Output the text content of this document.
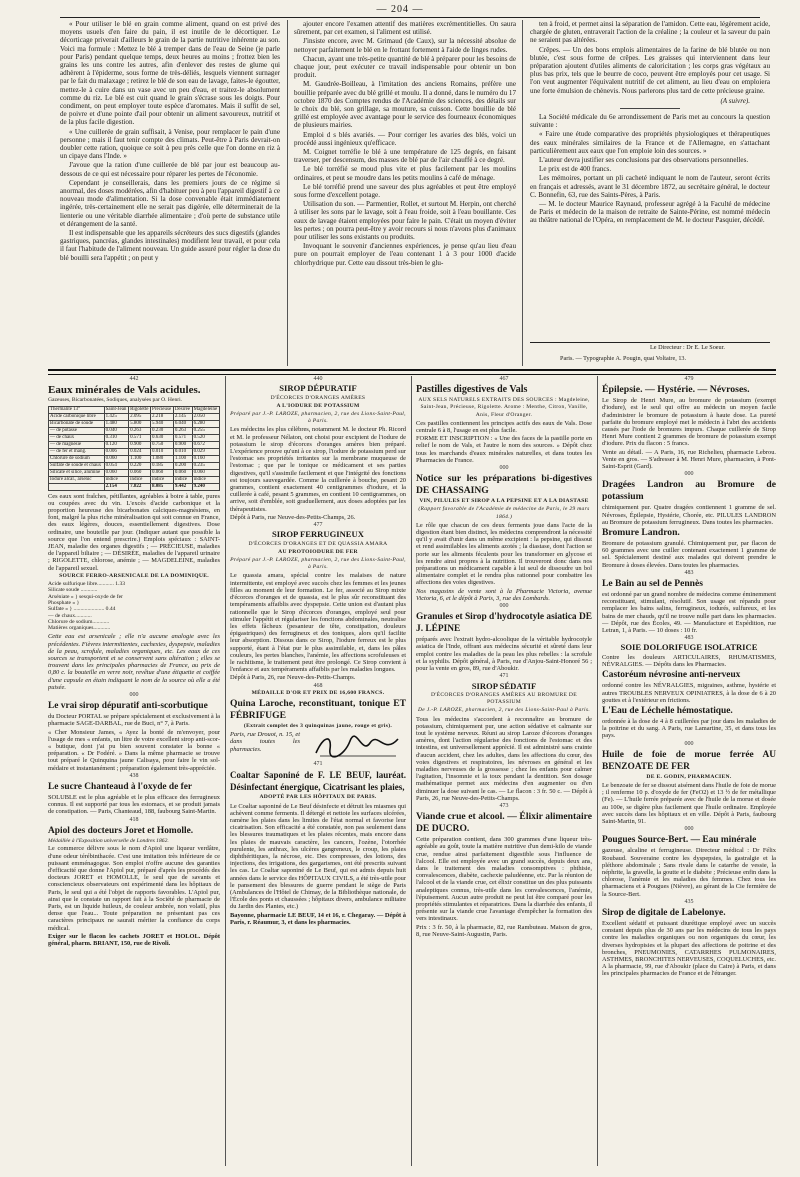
— 204 —

« Pour utiliser le blé en grain comme aliment, quand on est privé des moyens usuels d'en faire du pain, il est inutile de le décortiquer. Le décorticage priverait d'ailleurs le grain de la partie nutritive inhérente au son. Voici ma formule : Mettez le blé à tremper dans de l'eau de Seine (je parle pour Paris) pendant quelque temps, deux heures au moins ; frottez bien les grains les uns contre les autres, afin d'enlever des restes de glume qui adhèrent à l'épiderme, sous forme de très-déliés, lesquels viennent surnager par le fait du malaxage ; retirez le blé de son eau de lavage, faites-le égoutter, mettez-le à cuire dans un vase avec un peu d'eau, et traitez-le absolument comme du riz. Le blé est cuit quand le grain s'écrase sous les doigts. Pour condiment, on peut employer toute espèce d'aromates. Mais il suffit de sel, de poivre et d'une pointe d'ail pour obtenir un aliment savoureux, nutritif et de la plus facile digestion.

« Une cuillerée de grain suffisait, à Venise, pour remplacer le pain d'une personne ; mais il faut tenir compte des climats. Peut-être à Paris devrait-on doubler cette ration, quoique ce soit à peu près celle que l'on donne en riz à un cipaye dans l'Inde. »

J'avoue que la ration d'une cuillerée de blé par jour est beaucoup au-dessous de ce qui est nécessaire pour réparer les pertes de l'économie.

Cependant je conseillerais, dans les premiers jours de ce régime si anormal, des doses modérées, afin d'habituer peu à peu l'appareil digestif à ce nouveau mode d'alimentation. Si la dose convenable était immédiatement ingérée, très-certainement elle ne serait pas digérée, elle déterminerait de la lienterie ou une véritable diarrhée alimentaire ; d'où perte de substance utile et dérangement de la santé.

Il est indispensable que les appareils sécréteurs des sucs digestifs (glandes gastriques, pancréas, glandes intestinales) modifient leur travail, et pour cela il faut l'habitude de l'aliment nouveau. Un guide assuré pour régler la dose du blé bouilli sera l'appétit ; on peut y

ajouter encore l'examen attentif des matières excrémentitielles. On saura sûrement, par cet examen, si l'aliment est utilisé.

J'insiste encore, avec M. Grimaud (de Caux), sur la nécessité absolue de nettoyer parfaitement le blé en le frottant fortement à l'aide de linges rudes.

Chacun, ayant une très-petite quantité de blé à préparer pour les besoins de chaque jour, peut exécuter ce travail indispensable pour obtenir un bon produit.

M. Gaudrée-Boilleau, à l'imitation des anciens Romains, préfère une bouillie préparée avec du blé grillé et moulu. Il a donné, dans le numéro du 17 octobre 1870 des Comptes rendus de l'Académie des sciences, des détails sur le choix du blé, son grillage, sa mouture, sa cuisson. Cette bouillie de blé grillé est employée avec avantage pour le service des fourneaux économiques de plusieurs mairies.

Emploi d s blés avariés. — Pour corriger les avaries des blés, voici un procédé aussi ingénieux qu'efficace.

M. Coignet torréfie le blé à une température de 125 degrés, en faisant traverser, per descensum, des masses de blé par de l'air chauffé à ce degré.

Le blé torréfié se moud plus vite et plus facilement par les moulins ordinaires, et peut se moudre dans les petits moulins à café de ménage.

Le blé torréfié prend une saveur des plus agréables et peut être employé sous forme d'excellent potage.

Utilisation du son. — Parmentier, Rollet, et surtout M. Herpin, ont cherché à utiliser les sons par le lavage, soit à l'eau froide, soit à l'eau bouillante. Ces eaux de lavage étaient employées pour faire le pain. C'était un moyen d'éviter les pertes ; on pourra peut-être y avoir recours si nous n'avons plus d'animaux pour utiliser les sons existants ou produits.

Invoquant le souvenir d'anciennes expériences, je pense qu'au lieu d'eau pure on pourrait employer de l'eau contenant 1 à 3 pour 1000 d'acide chlorhydrique pur. Cette eau dissout très-bien le glu-

ten à froid, et permet ainsi la séparation de l'amidon. Cette eau, légèrement acide, chargée de gluten, entraverait l'action de la créaline ; la couleur et la saveur du pain ne seraient pas altérées.

Crêpes. — Un des bons emplois alimentaires de la farine de blé blutée ou non blutée, c'est sous forme de crêpes. Les graisses qui interviennent dans leur préparation ajoutent d'utiles aliments de caloricitation ; les corps gras végétaux au plus bas prix, tels que le beurre de coco, peuvent être employés pour cet usage. Si l'on veut augmenter l'équivalent nutritif de cet aliment, au lieu d'eau on emploiera une forte émulsion de chènevis. Nous parlerons plus tard de cette précieuse graine.

(A suivre).

La Société médicale du 6e arrondissement de Paris met au concours la question suivante :

« Faire une étude comparative des propriétés physiologiques et thérapeutiques des eaux minérales similaires de la France et de l'Allemagne, en s'attachant particulièrement aux eaux que l'on emploie loin des sources. »

L'auteur devra justifier ses conclusions par des observations personnelles.

Le prix est de 400 francs.

Les mémoires, portant un pli cacheté indiquant le nom de l'auteur, seront écrits en français et adressés, avant le 31 décembre 1872, au secrétaire général, le docteur C. Bonnefin, 63, rue des Saints-Pères, à Paris.

— M. le docteur Maurice Raynaud, professeur agrégé à la Faculté de médecine de Paris et médecin de la maison de retraite de Sainte-Périne, est nommé médecin au théâtre national de l'Opéra, en remplacement de M. le docteur Pasquier, décédé.

Le Directeur : Dr E. Le Soeur.
Paris. — Typographie A. Pougin, quai Voltaire, 13.
442
Eaux minérales de Vals acidules.

Gazeuses, Bicarbonatées, Sodiques, analysées par O. Henri.

Thermalité 13°	Saint-Jean	Rigolette	Précieuse	Désirée	Magdeleine
Acide carbonique libre	1.425	2.095	2.218	2.145	2.050
Bicarbonate de soude	1.480	5.800	5.940	6.040	6.280
— de potasse	0.040	0.263	0.230	0.263	0.255
— de chaux	0.310	0.571	0.630	0.571	0.520
— de magnésie	0.120	0.900	0.750	0.900	0.672
— de fer et mang.	0.006	0.024	0.010	0.010	0.029
Chlorure de sodium	0.060	1.100	1.080	1.100	0.160
Sulfate de soude et chaux	0.054	0.220	0.185	0.200	0.235
Silicate et silice, alumine	0.060	0.060	0.060	0.060	0.060
Iodure alcal., arsenic	indice	indice	indice	indice	indice
	2.154	7.822	8.085	9.442	9.240

Ces eaux sont fraîches, pétillantes, agréables à boire à table, pures ou coupées avec du vin. L'excès d'acide carbonique et la proportion heureuse des bicarbonates calciques-magnésiens, en font, malgré la plus riche minéralisation qui soit connue en France, des eaux légères, douces, essentiellement digestives. Dose ordinaire, une bouteille par jour. (Indiquer autant que possible la source que l'on entend prescrire.) Emplois spéciaux : SAINT-JEAN, maladie des organes digestifs ; — PRÉCIEUSE, maladies de l'appareil biliaire ; — DÉSIRÉE, maladies de l'appareil urinaire ; RIGOLETTE, chlorose, anémie ; — MAGDELEINE, maladies de l'appareil sexuel.

SOURCE FERRO-ARSENICALE DE LA DOMINIQUE.

Acide sulfurique libre............ 1.33
Silicate soude ............
Arséniate » } sesqui-oxyde de fer
Phosphate » }
Sulfate » } ...................... 0.44
— de chaux............
Chlorure de sodium............
Matières organiques............

Cette eau est arsenicale ; elle n'a aucune analogie avec les précédentes. Fièvres intermittentes, cachexies, dyspepsie, maladies de la peau, scrofule, maladies organiques, etc. Les eaux de ces sources se transportent et se conservent sans altération ; elles se trouvent dans les principales pharmacies de France, au prix de 0,80 c. la bouteille en verre noir, revêtue d'une étiquette et coiffée d'une capsule en étain indiquant le nom de la source où elle a été puisée.

000
Le vrai sirop dépuratif anti-scorbutique

du Docteur PORTAL se prépare spécialement et exclusivement à la pharmacie SAGE-DARBAL, rue de Buci, n° 7, à Paris.

« Cher Monsieur James, « Ayez la bonté de m'envoyer, pour l'usage de mes « enfants, un litre de votre excellent sirop anti-scor- « butique, dont j'ai pu bien souvent constater la bonne « préparation. « Dr Fodéré. » Dans la même pharmacie se trouve tout préparé le Quinquina jaune Calisaya, pour faire le vin sol-médaire et instantanément ; préparation également très-appréciée.

438
Le sucre Chanteaud à l'oxyde de fer

SOLUBLE est le plus agréable et le plus efficace des ferrugineux connus. Il est supporté par tous les estomacs, et se produit jamais de constipation. — Paris, Chanteaud, 188, faubourg Saint-Martin.

418
Apiol des docteurs Joret et Homolle.

Médaillée à l'Exposition universelle de Londres 1862.

Le commerce délivre sous le nom d'Apiol une liqueur verdâtre, d'une odeur térébinthacée. C'est une imitation très inférieure de ce puissant emménagogue. Son emploi n'offre aucune des garanties d'efficacité que donne l'Apiol pur, préparé d'après les procédés des docteurs JORET et HOMOLLE, le seul que de savants et consciencieux observateurs ont expérimenté dans les hôpitaux de Paris, le seul qui a été l'objet de rapports favorables. L'Apiol pur, ainsi que le constate un rapport fait à la Société de pharmacie de Paris, est un liquide huileux, de couleur ambrée, non volatil, plus dense que l'eau... Toute préparation ne présentant pas ces caractères principaux ne saurait mériter la confiance du corps médical.

Exiger sur le flacon les cachets JORET et HOLOL. Dépôt général, pharm. BRIANT, 150, rue de Rivoli.

440
SIROP DÉPURATIF
D'ÉCORCES D'ORANGES AMÈRES
A L'IODURE DE POTASSIUM

Préparé par J.-P. LAROZE, pharmacien, 2, rue des Lions-Saint-Paul, à Paris.

Les médecins les plus célèbres, notamment M. le docteur Ph. Ricord et M. le professeur Nélaton, ont choisi pour excipient de l'iodure de potassium le sirop d'écorces d'oranges amères bien préparé. L'expérience prouve qu'uni à ce sirop, l'iodure de potassium perd sur l'estomac ses propriétés irritantes sur la membrane muqueuse de l'estomac ; que par le tonique ce médicament et ses parties digestives, qu'il s'assimile facilement et que l'intégrité des fonctions est toujours sauvegardée. Comme la cuillerée à bouche, pesant 20 grammes, contient exactement 40 centigrammes d'iodure, et la cuillerée à café, pesant 5 grammes, en contient 10 centigrammes, on arrive, soit d'emblée, soit graduellement, aux doses adoptées par les thérapeutistes.

Dépôt à Paris, rue Neuve-des-Petits-Champs, 26.

477
SIROP FERRUGINEUX
D'ÉCORCES D'ORANGES ET DE QUASSIA AMARA
AU PROTOIODURE DE FER

Préparé par J.-P. LAROZE, pharmacien, 2, rue des Lions-Saint-Paul, à Paris.

Le quassia amara, spécial contre les malaises de nature intermittente, est employé avec succès chez les femmes et les jeunes filles au moment de leur formation. Le fer, associé au Sirop mixte d'écorces d'oranges et de quassia, est le plus sûr reconstituant des tempéraments affaiblis avec dyspepsie. Cette union est d'autant plus rationnelle que le Sirop d'écorces d'oranges, employé seul pour stimuler l'appétit et régulariser les fonctions abdominales, neutralise les effets fâcheux (pesanteur de tête, constipation, douleurs épigastriques) des ferrugineux et des toniques, alors qu'il facilite leur absorption. Dissous dans ce Sirop, l'iodure ferreux est le plus supporté, étant à l'état pur le plus assimilable, et, dans les pâles couleurs, les pertes blanches, l'anémie, les affections scrofuleuses et le rachitisme, le traitement peut être prolongé. Ce Sirop convient à l'enfance et aux tempéraments affaiblis par les maladies longues.

Dépôt à Paris, 26, rue Neuve-des-Petits-Champs.

468
MÉDAILLE D'OR ET PRIX DE 16,600 FRANCS.
Quina Laroche, reconstituant, tonique ET FÉBRIFUGE

(Extrait complet des 3 quinquinas jaune, rouge et gris).

Paris, rue Drouot, n. 15, et dans toutes les pharmacies.

471
Coaltar Saponiné de F. LE BEUF, lauréat. Désinfectant énergique, Cicatrisant les plaies,
ADOPTÉ PAR LES HÔPITAUX DE PARIS.

Le Coaltar saponiné de Le Beuf désinfecte et détruit les miasmes qui achèvent comme ferments. Il détergé et nettoie les surfaces ulcérées, ramène les plaies dans les limites de l'état normal et favorise leur cicatrisation. Son efficacité a été constatée, non pas seulement dans les blessures traumatiques et les plaies récentes, mais encore dans les plaies de mauvais caractère, les cancers, l'ozène, l'otorrhée purulente, les anthrax, les ulcères gangreneux, le croup, les plaies diphthéritiques, la nécrose, etc. Des compresses, des lotions, des injections, des irrigations, des gargarismes, ont été prescrits suivant les cas. Le Coaltar saponiné de Le Beuf, qui est admis depuis huit années dans le service des HÔPITAUX CIVILS, a été très-utile pour le pansement des blessures de guerre pendant le siège de Paris (Ambulances de l'Hôtel de Chimay, de la Bibliothèque nationale, de l'École des ponts et chaussées ; hôpitaux divers, ambulance militaire du Jardin des Plantes, etc.)

Bayonne, pharmacie LE BEUF, 14 et 16, r. Chegaray. — Dépôt à Paris, r. Réaumur, 3, et dans les pharmacies.

467
Pastilles digestives de Vals

AUX SELS NATURELS EXTRAITS DES SOURCES : Magdeleine, Saint-Jean, Précieuse, Rigolette. Arome : Menthe, Citron, Vanille, Anis, Fleur d'Oranger.

Ces pastilles contiennent les principes actifs des eaux de Vals. Dose centrale 6 à 8, l'usage en est plus facile.

FORME ET INSCRIPTION : « Une des faces de la pastille porte en relief le nom de Vals, et l'autre le nom des sources. » Dépôt chez tous les marchands d'eaux minérales naturelles, et dans toutes les Pharmacies de France.

000
Notice sur les préparations bi-digestives DE CHASSAING
VIN, PILULES ET SIROP A LA PEPSINE ET A LA DIASTASE

(Rapport favorable de l'Académie de médecine de Paris, le 29 mars 1864.)

Le rôle que chacun de ces deux ferments joue dans l'acte de la digestion étant bien distinct, les médecins comprendront la nécessité qu'il y avait d'unir dans un même excipient : la pepsine, qui dissout et rend assimilables les aliments azotés ; la diastase, dont l'action se porte sur les aliments féculents pour les transformer en glycose et les rendre ainsi propres à la nutrition. Il trouveront donc dans nos préparations un médicament capable à lui seul de dissoudre un bol alimentaire complet et le rendra plus rationnel pour combattre les affections des voies digestives.

Nos magasins de vente sont à la Pharmacie Victoria, avenue Victoria, 6, et le dépôt à Paris, 3, rue des Lombards.

000
Granules et Sirop d'hydrocotyle asiatica DE J. LÉPINE

préparés avec l'extrait hydro-alcoolique de la véritable hydrocotyle asiatica de l'Inde, offrant aux médecins sécurité et sûreté dans leur emploi contre les maladies de la peau les plus rebelles : la scrofule et la syphilis. Dépôt général, à Paris, rue d'Anjou-Saint-Honoré 56 ; pour la vente en gros, 89, rue d'Aboukir.

471
SIROP SÉDATIF
D'ÉCORCES D'ORANGES AMÈRES AU BROMURE DE POTASSIUM

De J.-P. LAROZE, pharmacien, 2, rue des Lions-Saint-Paul à Paris.

Tous les médecins s'accordent à reconnaître au bromure de potassium, chimiquement pur, une action sédative et calmante sur tout le système nerveux. Réuni au sirop Laroze d'écorces d'oranges amères, dont l'action régularise des fonctions de l'estomac et des intestins, est universellement apprécié. Il est administré sans crainte d'aucun accident, chez les adultes, dans les affections du cœur, des voies digestives et respiratoires, les névroses en général et les maladies nerveuses de la grossesse ; chez les enfants pour calmer l'agitation, l'insomnie et la toux pendant la dentition. Son dosage mathématique permet aux médecins d'en augmenter ou d'en diminuer la dose suivant le cas. — Le flacon : 3 fr. 50 c. — Dépôt à Paris, 26, rue Neuve-des-Petits-Champs.

473
Viande crue et alcool. — Élixir alimentaire DE DUCRO.

Cette préparation contient, dans 300 grammes d'une liqueur très-agréable au goût, toute la matière nutritive d'un demi-kilo de viande crue, rendue ainsi parfaitement digestible sous l'influence de l'alcool. Elle est employée avec un grand succès, depuis deux ans, dans le traitement des maladies consomptives : phthisie, convalescences, diabète, cachexie paludéenne, etc. Par la réunion de l'alcool et de la viande crue, cet élixir constitue un des plus puissants analeptiques connus, très-utile dans les convalescences, l'anémie, l'épuisement. Aucun autre produit ne peut lui être comparé pour les propriétés stimulantes et réparatrices. Dans la diarrhée des enfants, il présente sur la viande crue l'avantage d'empêcher la formation des vers intestinaux.

Prix : 3 fr. 50, à la pharmacie, 82, rue Rambuteau. Maison de gros, 8, rue Neuve-Saint-Augustin, Paris.

479
Épilepsie. — Hystérie. — Névroses.

Le Sirop de Henri Mure, au bromure de potassium (exempt d'iodure), est le seul qui offre au médecin un moyen facile d'administrer le bromure de potassium à haute dose. La pureté parfaite du bromure employé met le médecin à l'abri des accidents causés par l'iode de bromures impurs. Chaque cuillerée de Sirop Henri Mure contient 2 grammes de bromure de potassium exempt d'iodure. Prix du flacon : 5 francs.

Vente au détail. — A Paris, 16, rue Richelieu, pharmacie Lebrou. Vente en gros. — S'adresser à M. Henri Mure, pharmacien, à Pont-Saint-Esprit (Gard).

000
Dragées Landron au Bromure de potassium

chimiquement pur. Quatre dragées contiennent 1 gramme de sel. Névroses, Épilepsie, Hystérie, Chorée, etc. PILULES LANDRON au Bromure de potassium ferrugineux. Dans toutes les pharmacies.

Bromure Landron.

Bromure de potassium granulé. Chimiquement pur, par flacon de 60 grammes avec une cuiller contenant exactement 1 gramme de sel. Spécialement destiné aux malades qui doivent prendre le Bromure à doses élevées. Dans toutes les pharmacies.

483
Le Bain au sel de Pennès

est ordonné par un grand nombre de médecins comme éminemment reconstituant, stimulant, résolutif. Son usage est répandu pour remplacer les bains salins, ferrugineux, iodurés, sulfureux, et les bains de mer chauds, qu'il ne trouve nulle part dans les pharmacies. — Dépôt, rue des Écoles, 49. — Manufacture et Expédition, rue Letran, 1, à Paris. — 10 doses : 10 fr.

483
SOIE DOLORIFUGE ISOLATRICE

Contre les douleurs ARTICULAIRES, RHUMATISMES, NÉVRALGIES. — Dépôts dans les Pharmacies.

Castoréum névrosine anti-nerveux

ordonné contre les NÉVRALGIES, migraines, asthme, hystérie et autres TROUBLES NERVEUX OPINIATRES, à la dose de 6 à 20 gouttes et à l'extérieur en frictions.

L'Eau de Léchelle hémostatique.

ordonnée à la dose de 4 à 8 cuillerées par jour dans les maladies de la poitrine et du sang. A Paris, rue Lamartine, 35, et dans tous les pays.

000
Huile de foie de morue ferrée AU BENZOATE DE FER
DE E. GODIN, PHARMACIEN.

Le benzoate de fer se dissout aisément dans l'huile de foie de morue ; il renferme 10 p. d'oxyde de fer (FeO2) et 13 ½ de fer métallique (Fe). — L'huile ferrée préparée avec de l'huile de la morue et dosée au 100e, se digère plus facilement que l'huile ordinaire. Employée avec succès dans les hôpitaux et en ville. Dépôt à Paris, faubourg Saint-Martin, 91.

000
Pougues Source-Bert. — Eau minérale

gazeuse, alcaline et ferrugineuse. Directeur médical : Dr Félix Roubaud. Souveraine contre les dyspepsies, la gastralgie et la pléthore abdominale ; Sans rivale dans le catarrhe de vessie, la néphrite, la gravelle, la goutte et le diabète ; Précieuse enfin dans la chlorose, l'anémie et les maladies des femmes. Chez tous les pharmaciens et à Pougues (Nièvre), au gérant de la Cie fermière de la Source-Bert.

435
Sirop de digitale de Labelonye.

Excellent sédatif et puissant diurétique employé avec un succès constant depuis plus de 30 ans par les médecins de tous les pays contre les maladies organiques ou non organiques du cœur, les diverses hydropisies et la plupart des affections de poitrine et des bronches, PNEUMONIES, CATARRHES PULMONAIRES, ASTHMES, BRONCHITES NERVEUSES, COQUELUCHES, etc. A la pharmacie, 99, rue d'Aboukir (place du Caire) à Paris, et dans les principales pharmacies de France et de l'étranger.
